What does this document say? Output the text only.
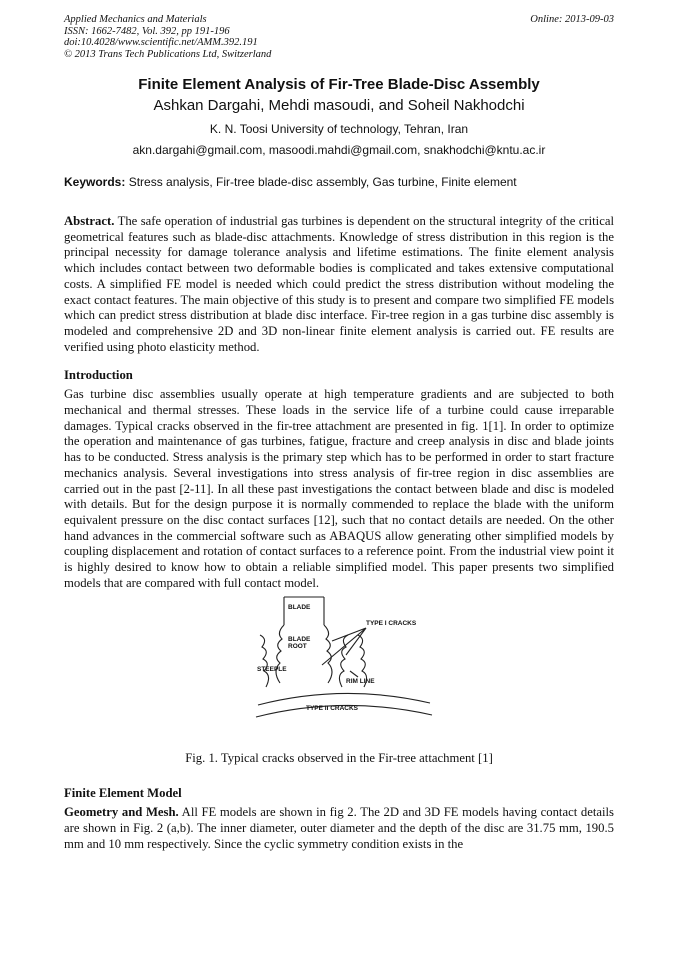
Applied Mechanics and Materials
ISSN: 1662-7482, Vol. 392, pp 191-196
doi:10.4028/www.scientific.net/AMM.392.191
© 2013 Trans Tech Publications Ltd, Switzerland
Online: 2013-09-03
Finite Element Analysis of Fir-Tree Blade-Disc Assembly
Ashkan Dargahi, Mehdi masoudi, and Soheil Nakhodchi
K. N. Toosi University of technology, Tehran, Iran
akn.dargahi@gmail.com, masoodi.mahdi@gmail.com, snakhodchi@kntu.ac.ir
Keywords: Stress analysis, Fir-tree blade-disc assembly, Gas turbine, Finite element

Abstract. The safe operation of industrial gas turbines is dependent on the structural integrity of the critical geometrical features such as blade-disc attachments. Knowledge of stress distribution in this region is the principal necessity for damage tolerance analysis and lifetime estimations. The finite element analysis which includes contact between two deformable bodies is complicated and takes extensive computational costs. A simplified FE model is needed which could predict the stress distribution without modeling the exact contact features. The main objective of this study is to present and compare two simplified FE models which can predict stress distribution at blade disc interface. Fir-tree region in a gas turbine disc assembly is modeled and comprehensive 2D and 3D non-linear finite element analysis is carried out. FE results are verified using photo elasticity method.

Introduction

Gas turbine disc assemblies usually operate at high temperature gradients and are subjected to both mechanical and thermal stresses. These loads in the service life of a turbine could cause irreparable damages. Typical cracks observed in the fir-tree attachment are presented in fig. 1[1]. In order to optimize the operation and maintenance of gas turbines, fatigue, fracture and creep analysis in disc and blade joints has to be conducted. Stress analysis is the primary step which has to be performed in order to start fracture mechanics analysis. Several investigations into stress analysis of fir-tree region in disc assemblies are carried out in the past [2-11]. In all these past investigations the contact between blade and disc is modeled with details. But for the design purpose it is normally commended to replace the blade with the uniform equivalent pressure on the disc contact surfaces [12], such that no contact details are needed. On the other hand advances in the commercial software such as ABAQUS allow generating other simplified models by coupling displacement and rotation of contact surfaces to a reference point. From the industrial view point it is highly desired to know how to obtain a reliable simplified model. This paper presents two simplified models that are compared with full contact model.

BLADE
TYPE I CRACKS
BLADE ROOT
STEEPLE
RIM LINE
TYPE II CRACKS
Fig. 1. Typical cracks observed in the Fir-tree attachment [1]
Finite Element Model

Geometry and Mesh. All FE models are shown in fig 2. The 2D and 3D FE models having contact details are shown in Fig. 2 (a,b). The inner diameter, outer diameter and the depth of the disc are 31.75 mm, 190.5 mm and 10 mm respectively. Since the cyclic symmetry condition exists in the
